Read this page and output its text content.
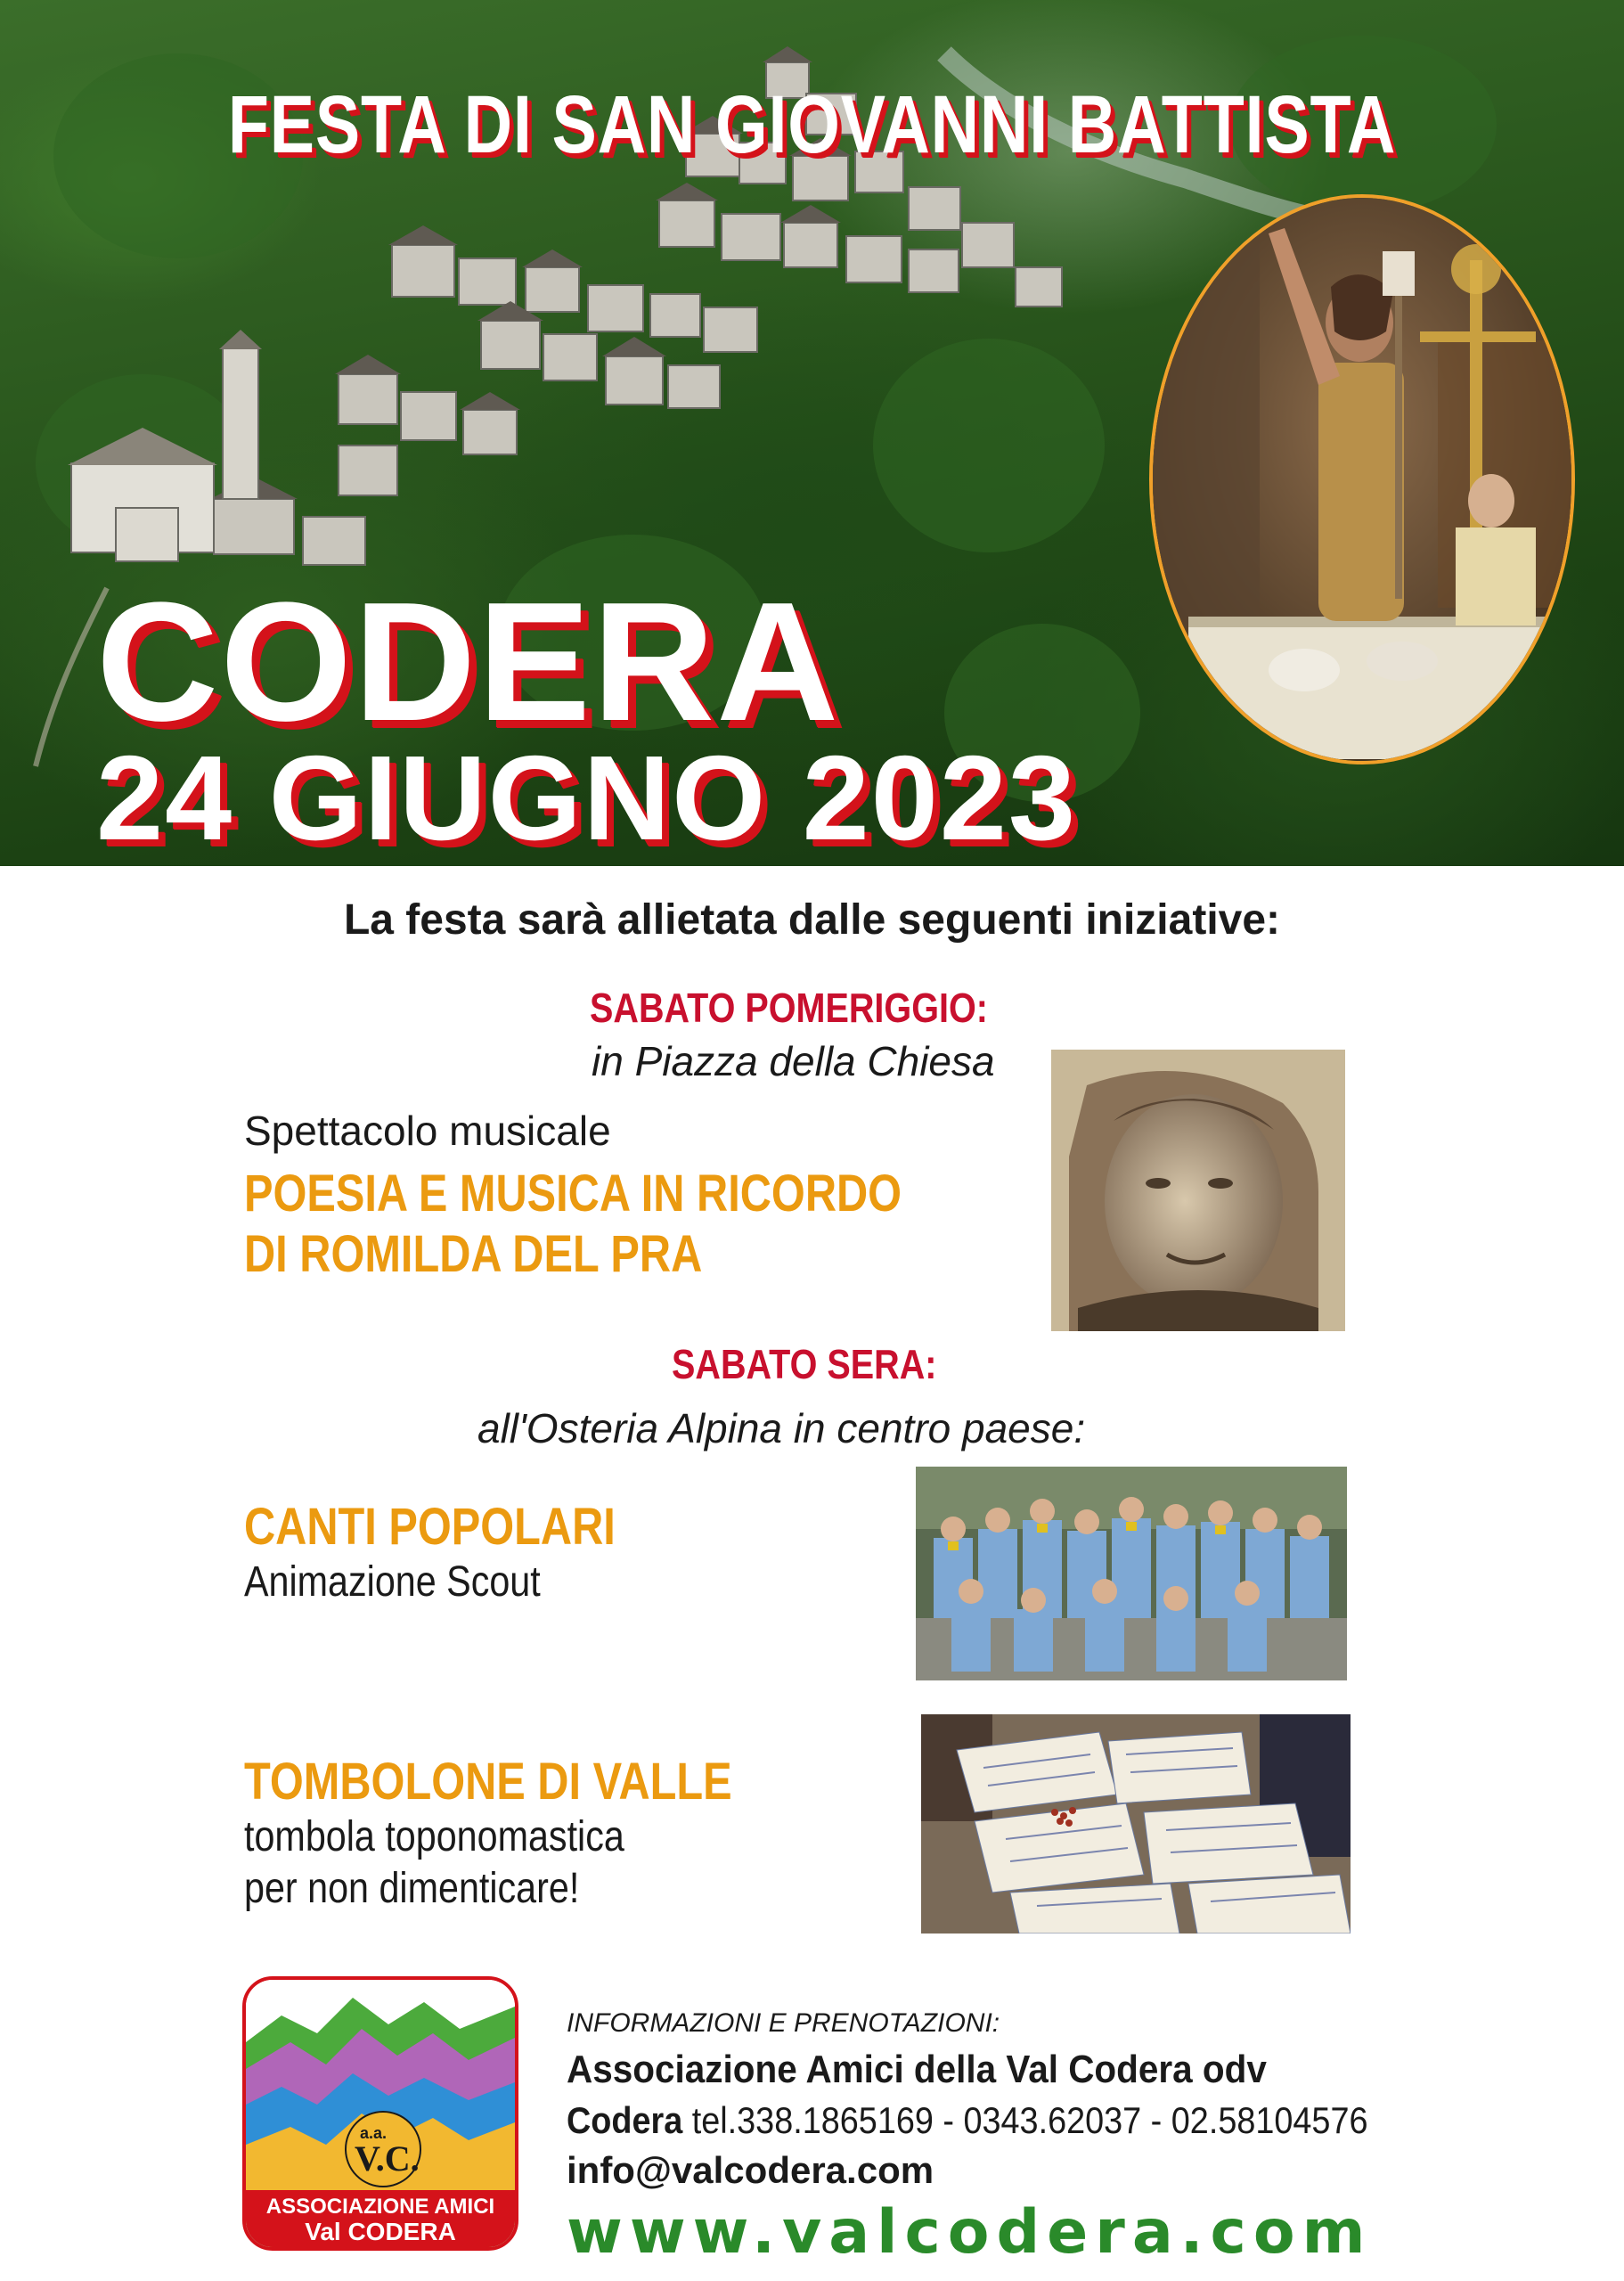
FESTA DI SAN GIOVANNI BATTISTA
CODERA
24 GIUGNO 2023
La festa sarà allietata dalle seguenti iniziative:
SABATO POMERIGGIO:
in Piazza della Chiesa
Spettacolo musicale
POESIA E MUSICA IN RICORDO
DI ROMILDA DEL PRA
SABATO SERA:
all'Osteria Alpina in centro paese:
CANTI POPOLARI
Animazione Scout
TOMBOLONE DI VALLE
tombola toponomastica
per non dimenticare!
a.a.
V.C.
ASSOCIAZIONE AMICI
Val CODERA
INFORMAZIONI E PRENOTAZIONI:
Associazione Amici della Val Codera odv
Codera tel.338.1865169 - 0343.62037 - 02.58104576
info@valcodera.com
www.valcodera.com
